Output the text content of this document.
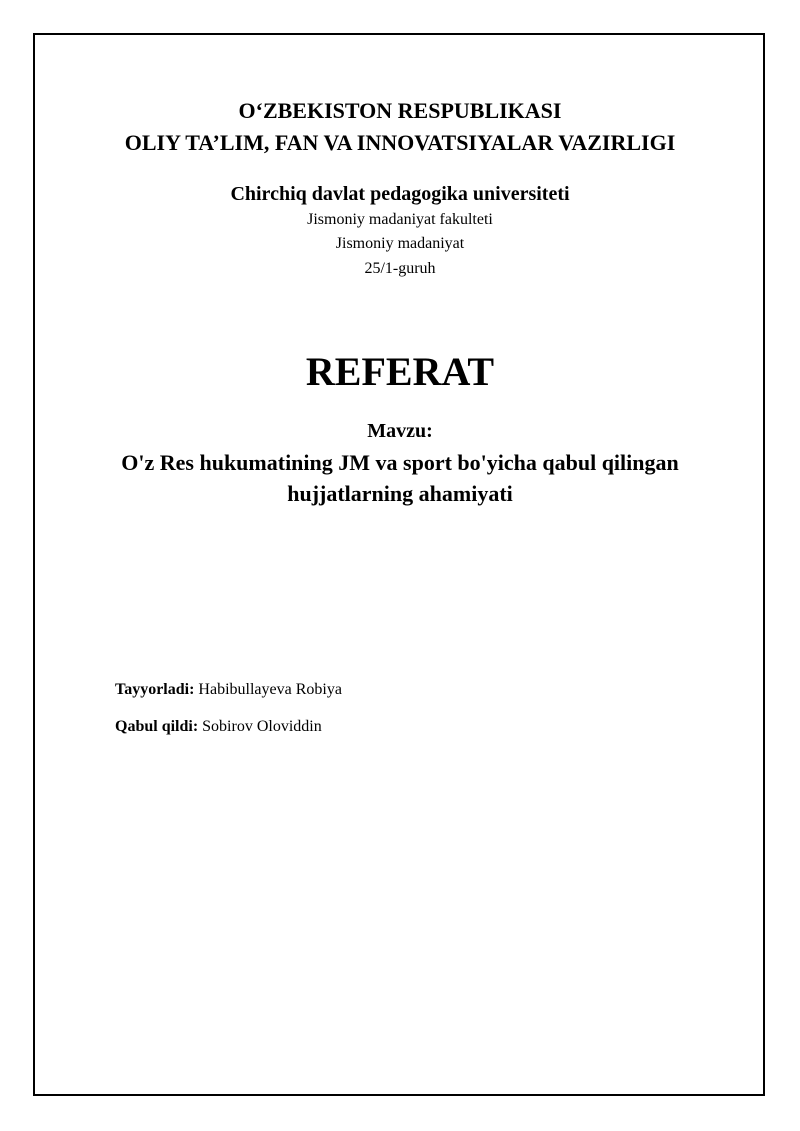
O‘ZBEKISTON RESPUBLIKASI
OLIY TA’LIM, FAN VA INNOVATSIYALAR VAZIRLIGI
Chirchiq davlat pedagogika universiteti
Jismoniy madaniyat fakulteti
Jismoniy madaniyat
25/1-guruh
REFERAT
Mavzu:
O'z Res hukumatining JM va sport bo'yicha qabul qilingan
hujjatlarning ahamiyati
Tayyorladi: Habibullayeva Robiya
Qabul qildi: Sobirov Oloviddin
